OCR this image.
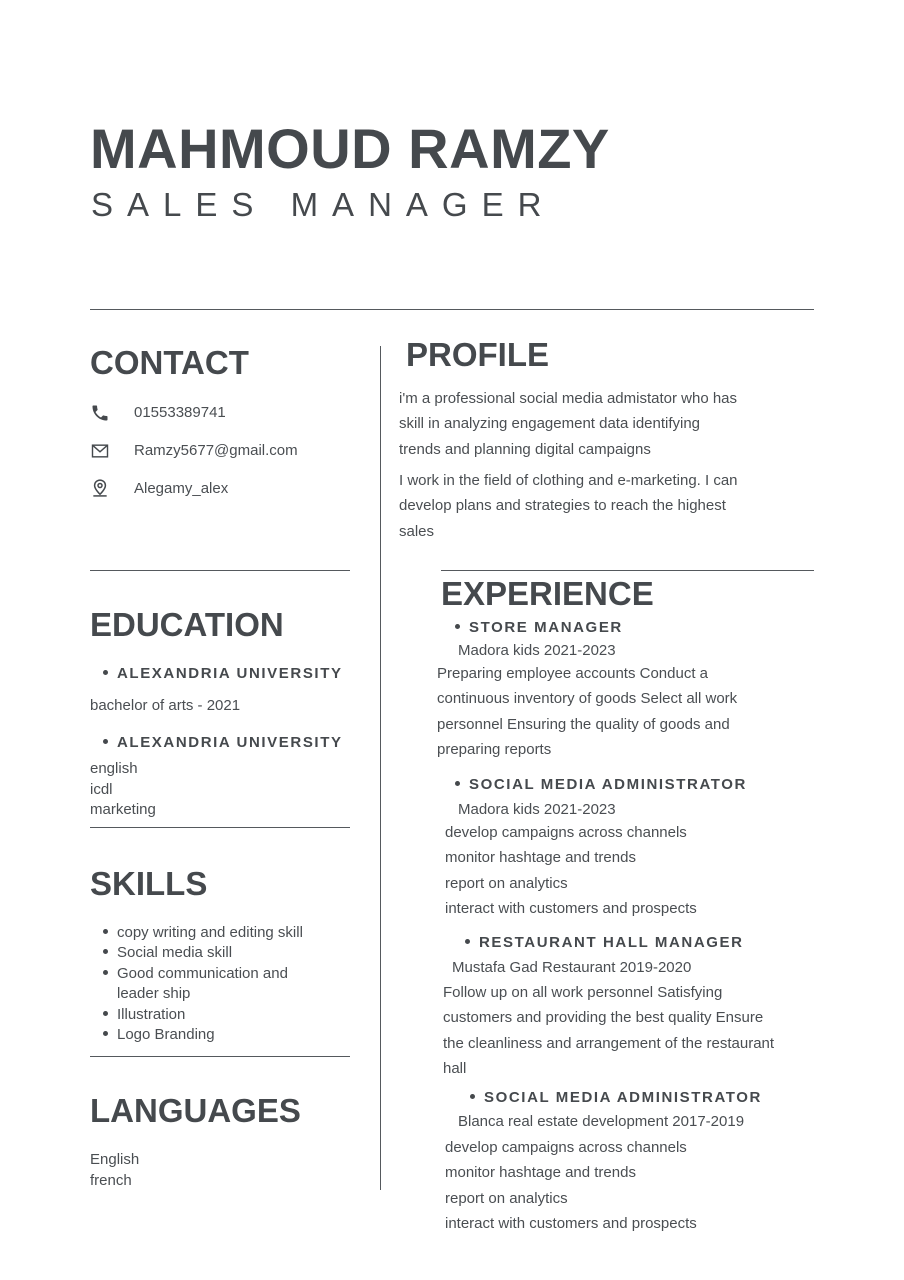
MAHMOUD RAMZY
SALES MANAGER
CONTACT
01553389741
Ramzy5677@gmail.com
Alegamy_alex
EDUCATION
ALEXANDRIA UNIVERSITY
bachelor of arts - 2021
ALEXANDRIA UNIVERSITY
english
icdl
marketing
SKILLS
copy writing and editing skill
Social media skill
Good communication and
leader ship
Illustration
Logo Branding
LANGUAGES
English
french
PROFILE
i'm a professional social media admistator who has
skill in analyzing engagement data identifying
trends and planning digital campaigns
I work in the field of clothing and e-marketing. I can
develop plans and strategies to reach the highest
sales
EXPERIENCE
STORE MANAGER
Madora kids 2021-2023
Preparing employee accounts Conduct a
continuous inventory of goods Select all work
personnel Ensuring the quality of goods and
preparing reports
SOCIAL MEDIA ADMINISTRATOR
Madora kids 2021-2023
develop campaigns across channels
monitor hashtage and trends
report on analytics
interact with customers and prospects
RESTAURANT HALL MANAGER
Mustafa Gad Restaurant 2019-2020
Follow up on all work personnel Satisfying
customers and providing the best quality Ensure
the cleanliness and arrangement of the restaurant
hall
SOCIAL MEDIA ADMINISTRATOR
Blanca real estate development 2017-2019
develop campaigns across channels
monitor hashtage and trends
report on analytics
interact with customers and prospects
